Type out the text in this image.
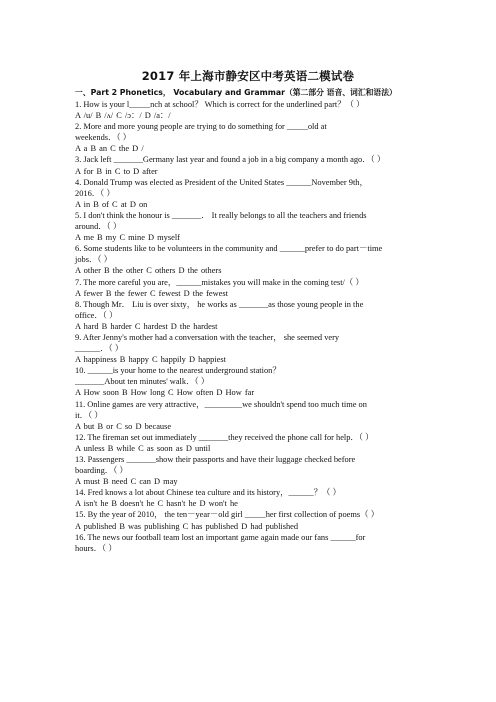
2017 年上海市静安区中考英语二模试卷
一、Part 2 Phonetics， Vocabulary and Grammar（第二部分 语音、词汇和语法）
1. How is your l_____nch at school？ Which is correct for the underlined part？（ ）
A /u/ B /ʌ/ C /ɔ：/ D /a：/
2. More and more young people are trying to do something for _____old at
weekends．（ ）
A a B an C the D /
3. Jack left _______Germany last year and found a job in a big company a month ago．（ ）
A for B in C to D after
4. Donald Trump was elected as President of the United States ______November 9th，
2016．（ ）
A in B of C at D on
5. I don't think the honour is _______． It really belongs to all the teachers and friends
around．（ ）
A me B my C mine D myself
6. Some students like to be volunteers in the community and ______prefer to do part－time
jobs．（ ）
A other B the other C others D the others
7. The more careful you are，______mistakes you will make in the coming test/（ ）
A fewer B the fewer C fewest D the fewest
8. Though Mr． Liu is over sixty， he works as _______as those young people in the
office．（ ）
A hard B harder C hardest D the hardest
9. After Jenny's mother had a conversation with the teacher， she seemed very
______．（ ）
A happiness B happy C happily D happiest
10. ______is your home to the nearest underground station？
_______About ten minutes' walk．（ ）
A How soon B How long C How often D How far
11. Online games are very attractive，_________we shouldn't spend too much time on
it．（ ）
A but B or C so D because
12. The fireman set out immediately _______they received the phone call for help．（ ）
A unless B while C as soon as D until
13. Passengers _______show their passports and have their luggage checked before
boarding．（ ）
A must B need C can D may
14. Fred knows a lot about Chinese tea culture and its history，______？（ ）
A isn't he B doesn't he C hasn't he D won't he
15. By the year of 2010， the ten－year－old girl _____her first collection of poems（ ）
A published B was publishing C has published D had published
16. The news our football team lost an important game again made our fans ______for
hours．（ ）
